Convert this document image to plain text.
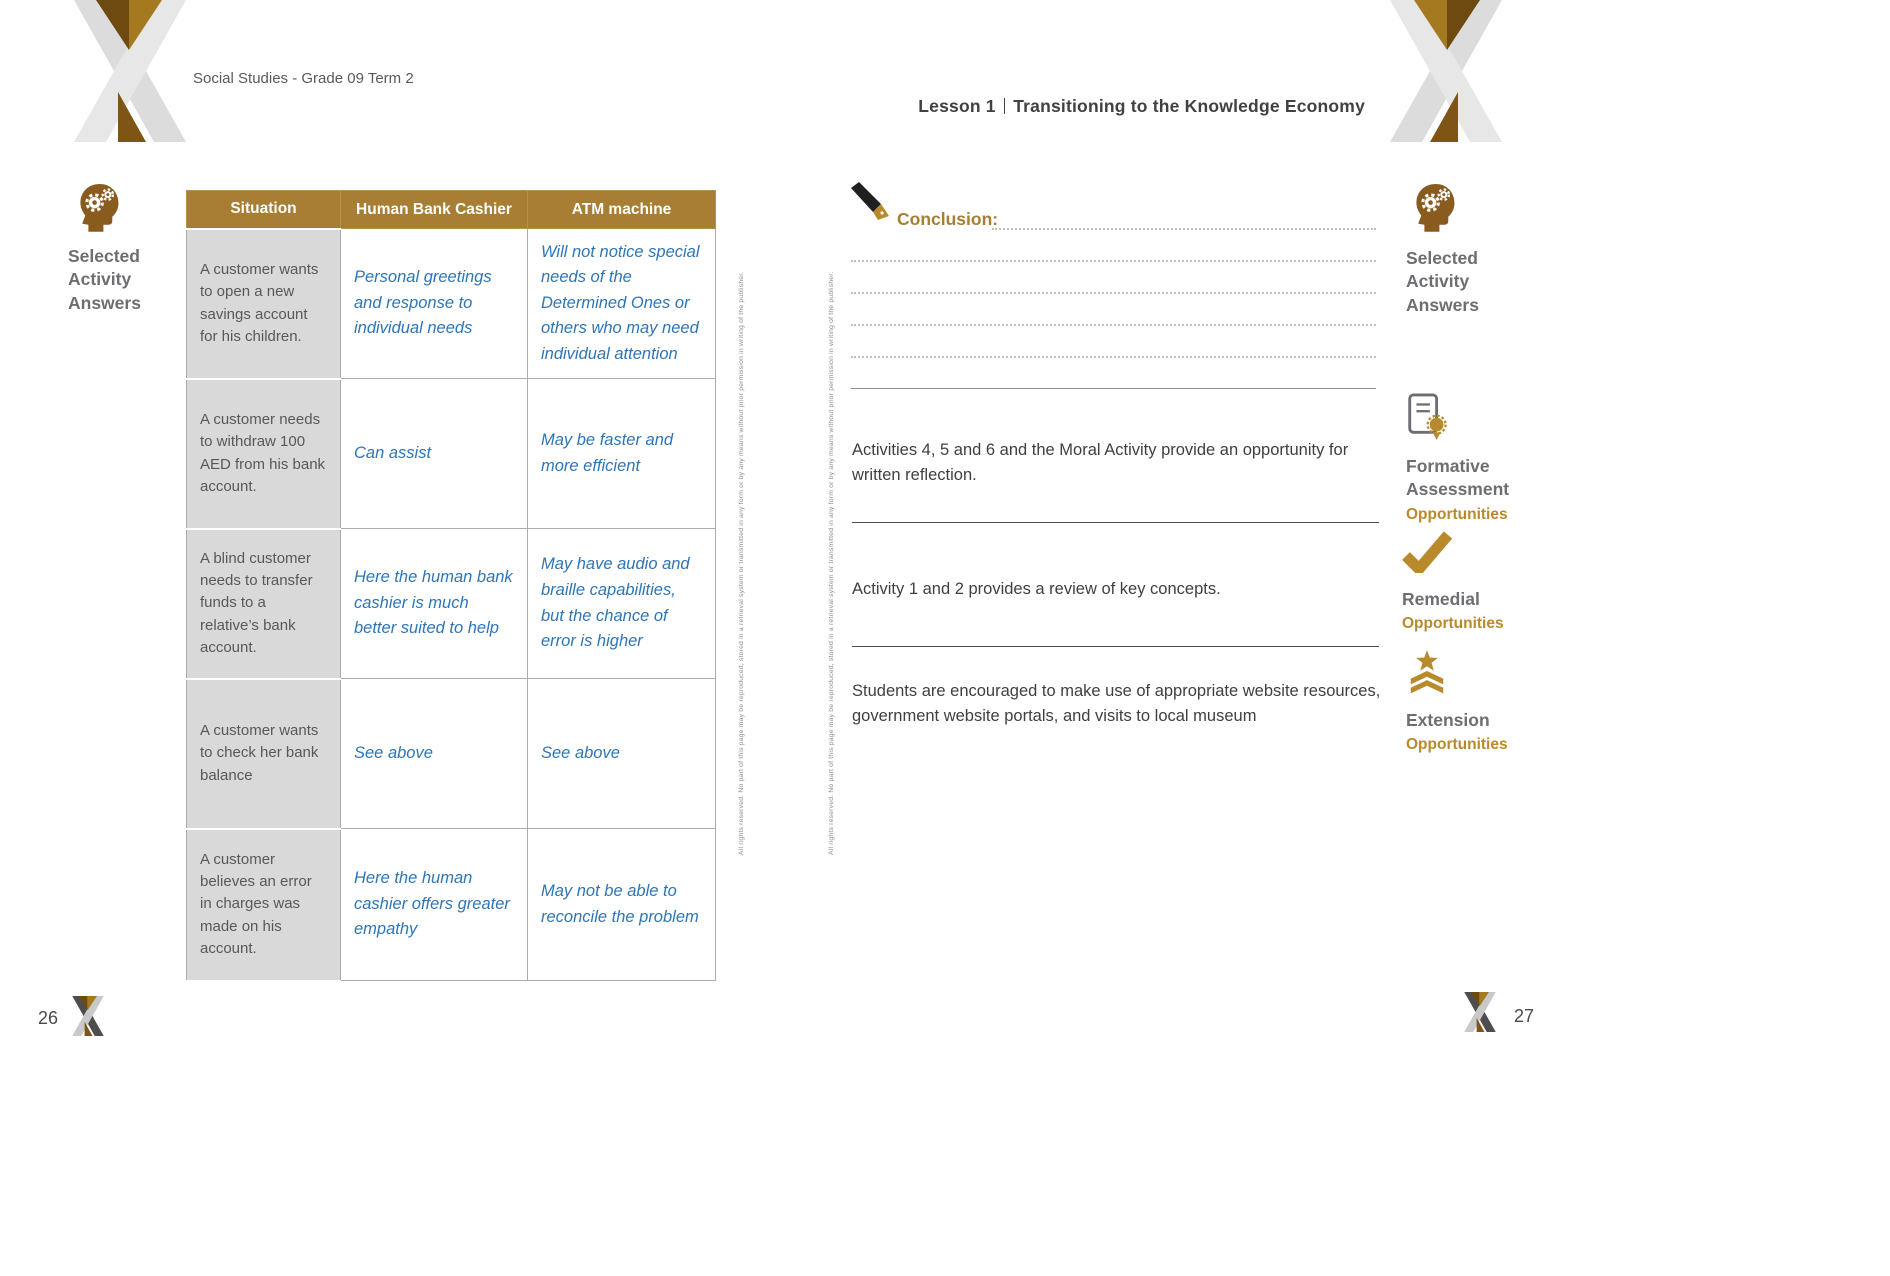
Social Studies - Grade 09 Term 2
Lesson 1 Transitioning to the Knowledge Economy
Selected Activity Answers
Situation	Human Bank Cashier	ATM machine
A customer wants to open a new savings account for his children.	Personal greetings and response to individual needs	Will not notice special needs of the Determined Ones or others who may need individual attention
A customer needs to withdraw 100 AED from his bank account.	Can assist	May be faster and more efficient
A blind customer needs to transfer funds to a relative’s bank account.	Here the human bank cashier is much better suited to help	May have audio and braille capabilities, but the chance of error is higher
A customer wants to check her bank balance	See above	See above
A customer believes an error in charges was made on his account.	Here the human cashier offers greater empathy	May not be able to reconcile the problem
All rights reserved. No part of this page may be reproduced, stored in a retrieval system or transmitted in any form or by any means without prior permission in writing of the publisher.	All rights reserved. No part of this page may be reproduced, stored in a retrieval system or transmitted in any form or by any means without prior permission in writing of the publisher.
Conclusion:
Activities 4, 5 and 6 and the Moral Activity provide an opportunity for written reflection.
Activity 1 and 2 provides a review of key concepts.
Students are encouraged to make use of appropriate website resources, government website portals, and visits to local museum
Selected Activity Answers
Formative Assessment
Opportunities
Remedial
Opportunities
Extension
Opportunities
26	27
